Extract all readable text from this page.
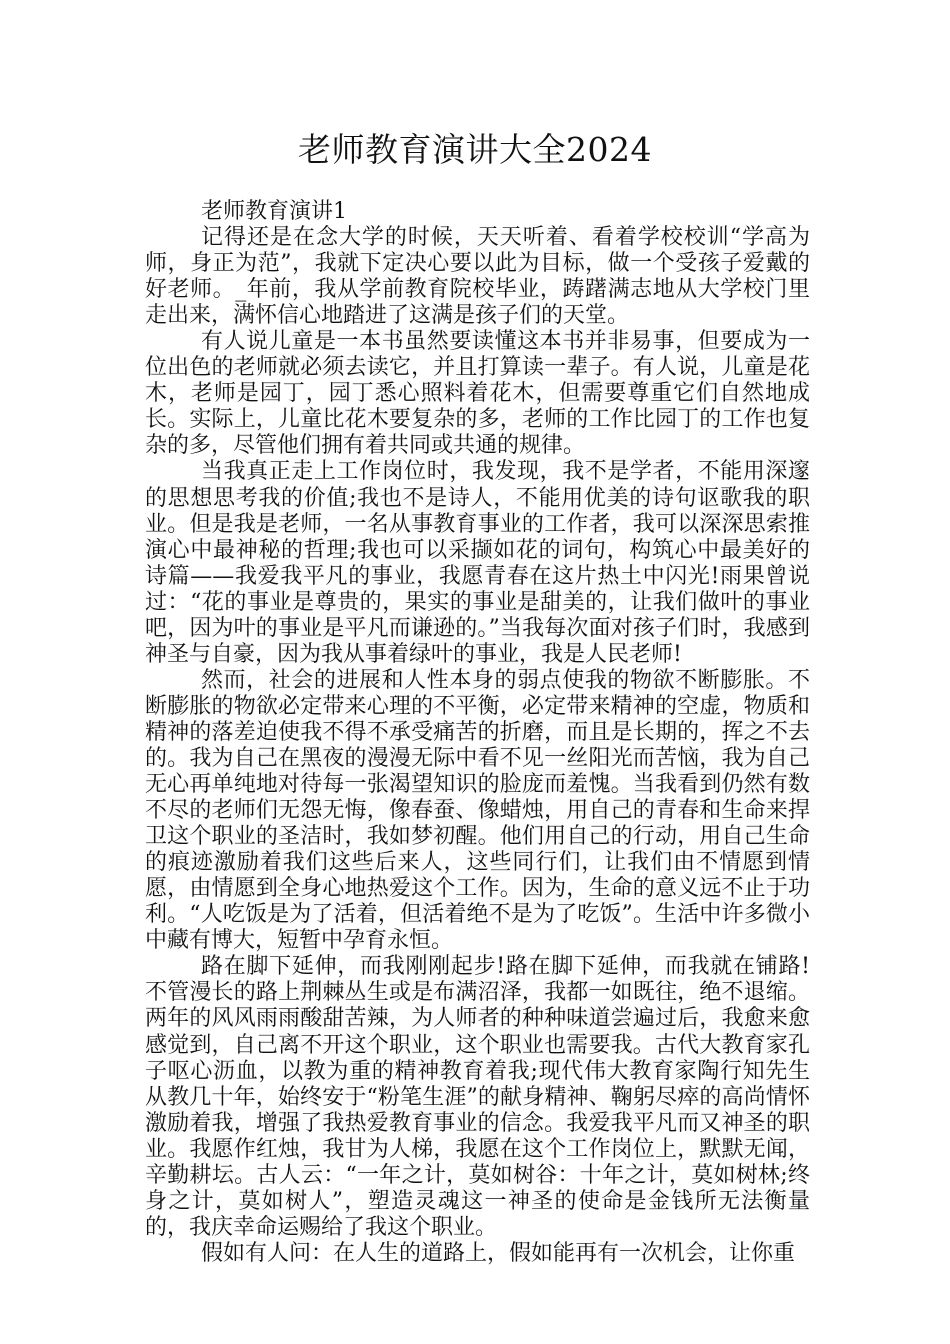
老师教育演讲大全2024

老师教育演讲1

记得还是在念大学的时候，天天听着、看着学校校训“学高为师，身正为范”，我就下定决心要以此为目标，做一个受孩子爱戴的好老师。_年前，我从学前教育院校毕业，踌躇满志地从大学校门里走出来，满怀信心地踏进了这满是孩子们的天堂。

有人说儿童是一本书虽然要读懂这本书并非易事，但要成为一位出色的老师就必须去读它，并且打算读一辈子。有人说，儿童是花木，老师是园丁，园丁悉心照料着花木，但需要尊重它们自然地成长。实际上，儿童比花木要复杂的多，老师的工作比园丁的工作也复杂的多，尽管他们拥有着共同或共通的规律。

当我真正走上工作岗位时，我发现，我不是学者，不能用深邃的思想思考我的价值;我也不是诗人，不能用优美的诗句讴歌我的职业。但是我是老师，一名从事教育事业的工作者，我可以深深思索推演心中最神秘的哲理;我也可以采撷如花的词句，构筑心中最美好的诗篇——我爱我平凡的事业，我愿青春在这片热土中闪光!雨果曾说过：“花的事业是尊贵的，果实的事业是甜美的，让我们做叶的事业吧，因为叶的事业是平凡而谦逊的。”当我每次面对孩子们时，我感到神圣与自豪，因为我从事着绿叶的事业，我是人民老师!

然而，社会的进展和人性本身的弱点使我的物欲不断膨胀。不断膨胀的物欲必定带来心理的不平衡，必定带来精神的空虚，物质和精神的落差迫使我不得不承受痛苦的折磨，而且是长期的，挥之不去的。我为自己在黑夜的漫漫无际中看不见一丝阳光而苦恼，我为自己无心再单纯地对待每一张渴望知识的脸庞而羞愧。当我看到仍然有数不尽的老师们无怨无悔，像春蚕、像蜡烛，用自己的青春和生命来捍卫这个职业的圣洁时，我如梦初醒。他们用自己的行动，用自己生命的痕迹激励着我们这些后来人，这些同行们，让我们由不情愿到情愿，由情愿到全身心地热爱这个工作。因为，生命的意义远不止于功利。“人吃饭是为了活着，但活着绝不是为了吃饭”。生活中许多微小中藏有博大，短暂中孕育永恒。

路在脚下延伸，而我刚刚起步!路在脚下延伸，而我就在铺路!不管漫长的路上荆棘丛生或是布满沼泽，我都一如既往，绝不退缩。两年的风风雨雨酸甜苦辣，为人师者的种种味道尝遍过后，我愈来愈感觉到，自己离不开这个职业，这个职业也需要我。古代大教育家孔子呕心沥血，以教为重的精神教育着我;现代伟大教育家陶行知先生从教几十年，始终安于“粉笔生涯”的献身精神、鞠躬尽瘁的高尚情怀激励着我，增强了我热爱教育事业的信念。我爱我平凡而又神圣的职业。我愿作红烛，我甘为人梯，我愿在这个工作岗位上，默默无闻，辛勤耕坛。古人云：“一年之计，莫如树谷：十年之计，莫如树林;终身之计，莫如树人”，塑造灵魂这一神圣的使命是金钱所无法衡量的，我庆幸命运赐给了我这个职业。

假如有人问：在人生的道路上，假如能再有一次机会，让你重
